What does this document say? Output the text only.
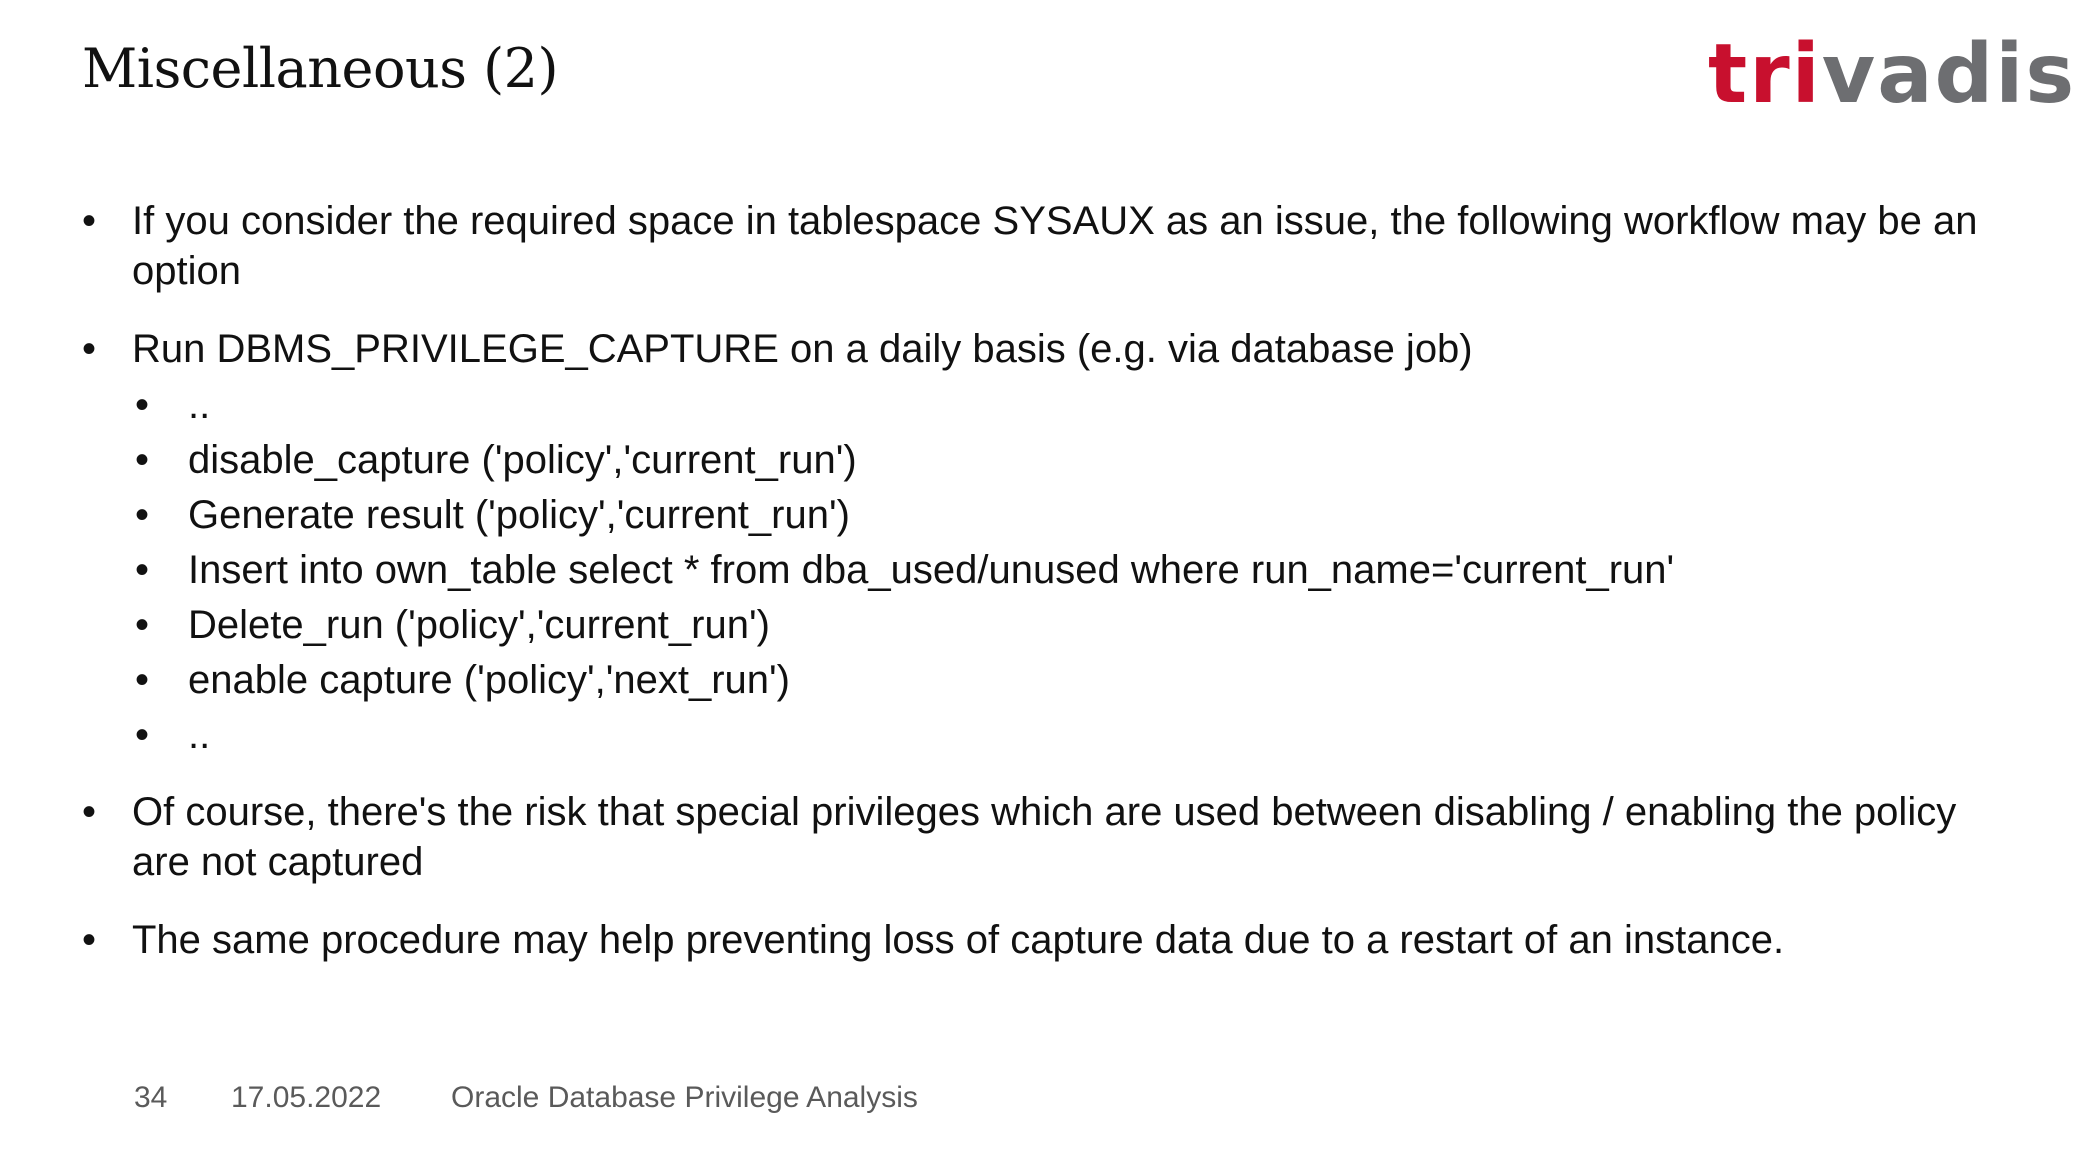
Miscellaneous (2)	trivadis
• If you consider the required space in tablespace SYSAUX as an issue, the following workflow may be an option
• Run DBMS_PRIVILEGE_CAPTURE on a daily basis (e.g. via database job)
• ..
• disable_capture ('policy','current_run')
• Generate result ('policy','current_run')
• Insert into own_table select * from dba_used/unused where run_name='current_run'
• Delete_run ('policy','current_run')
• enable capture ('policy','next_run')
• ..
• Of course, there's the risk that special privileges which are used between disabling / enabling the policy are not captured
• The same procedure may help preventing loss of capture data due to a restart of an instance.
34 17.05.2022 Oracle Database Privilege Analysis
